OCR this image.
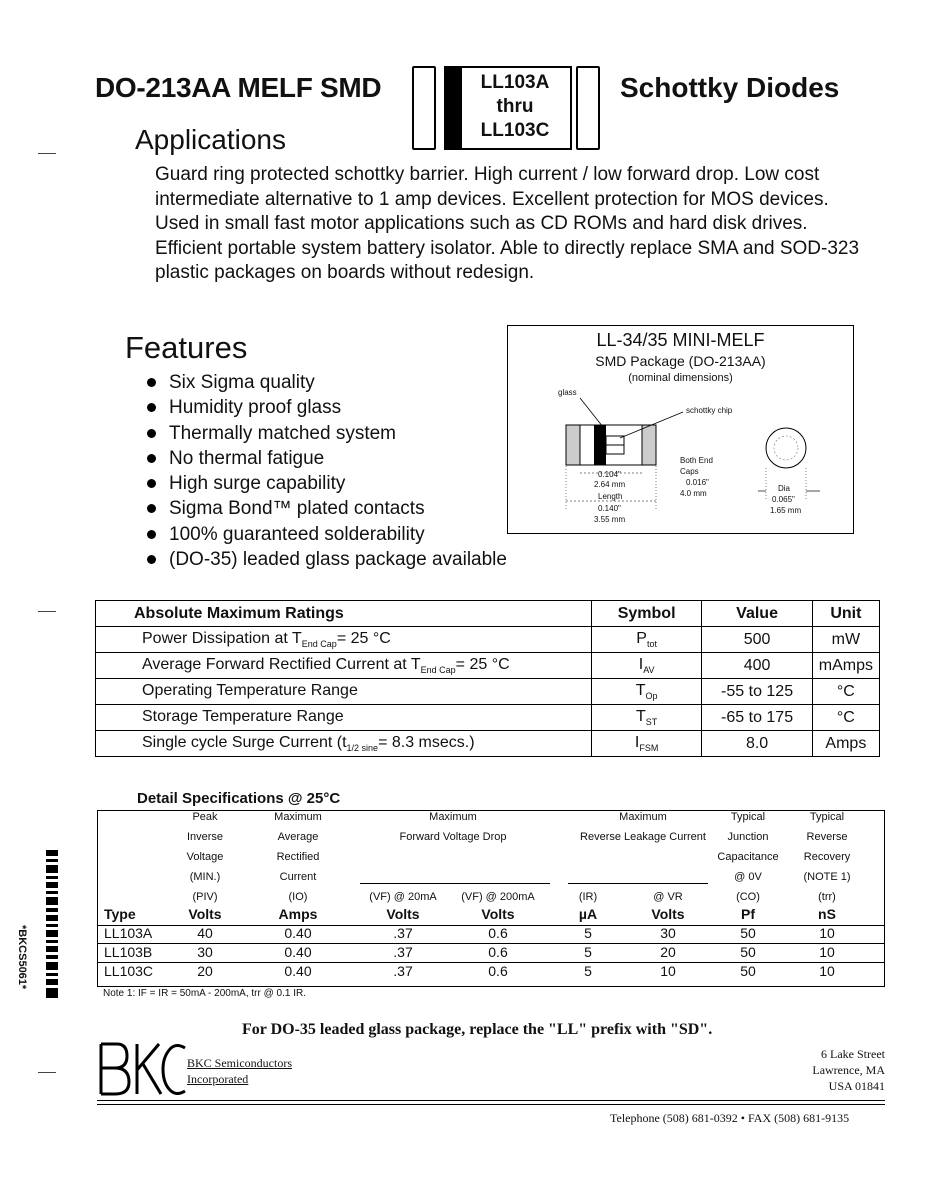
DO-213AA MELF SMD	LL103A
thru
LL103C
Schottky Diodes
Applications
Guard ring protected schottky barrier. High current / low forward drop. Low cost intermediate alternative to 1 amp devices. Excellent protection for MOS devices. Used in small fast motor applications such as CD ROMs and hard disk drives. Efficient portable system battery isolator. Able to directly replace SMA and SOD-323 plastic packages on boards without redesign.
Features
Six Sigma quality
Humidity proof glass
Thermally matched system
No thermal fatigue
High surge capability
Sigma Bond™ plated contacts
100% guaranteed solderability
(DO-35) leaded glass package available
LL-34/35 MINI-MELF
SMD Package (DO-213AA)
(nominal dimensions)
glass
schottky chip
Both End
Caps
0.104"
2.64 mm
Length
0.140"
3.55 mm
0.016"
4.0 mm
Dia
0.065"
1.65 mm
Absolute Maximum Ratings	Symbol	Value	Unit
Power Dissipation at $T_{End Cap}= 25$ °C	$P_{tot}$	500	mW
Average Forward Rectified Current at $T_{End Cap}= 25$ °C	$I_{AV}$	400	mAmps
Operating Temperature Range	$T_{Op}$	-55 to 125	°C
Storage Temperature Range	$T_{ST}$	-65 to 175	°C
Single cycle Surge Current ($t_{1/2 sine}= 8.3$ msecs.)	$I_{FSM}$	8.0	Amps
Detail Specifications @ 25°C
Peak
Inverse
Voltage
(MIN.)
(PIV)
Maximum
Average
Rectified
Current
(IO)
Maximum
Forward Voltage Drop
(VF) @ 20mA	(VF) @ 200mA
Maximum
Reverse Leakage Current
(IR)	@ VR
Typical
Junction
Capacitance
@ 0V
(CO)
Typical
Reverse
Recovery
(NOTE 1)
(trr)
Type	Volts	Amps	Volts	Volts	µA	Volts	Pf	nS
LL103A	40	0.40	.37	0.6	5	30	50	10
LL103B	30	0.40	.37	0.6	5	20	50	10
LL103C	20	0.40	.37	0.6	5	10	50	10
Note 1: IF = IR = 50mA - 200mA, trr @ 0.1 IR.
For DO-35 leaded glass package, replace the "LL" prefix with "SD".
BKC Semiconductors
Incorporated
6 Lake Street
Lawrence, MA
USA 01841
Telephone (508) 681-0392 • FAX (508) 681-9135
*BKCS5061*
